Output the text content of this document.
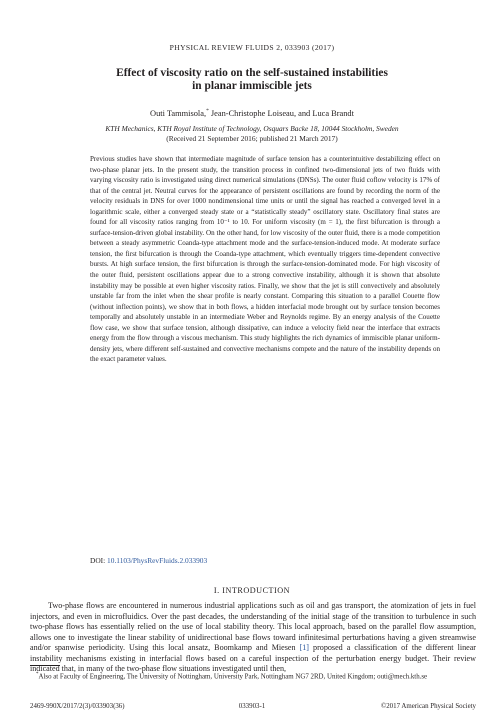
PHYSICAL REVIEW FLUIDS 2, 033903 (2017)
Effect of viscosity ratio on the self-sustained instabilities
in planar immiscible jets
Outi Tammisola,* Jean-Christophe Loiseau, and Luca Brandt
KTH Mechanics, KTH Royal Institute of Technology, Osquars Backe 18, 10044 Stockholm, Sweden
(Received 21 September 2016; published 21 March 2017)
Previous studies have shown that intermediate magnitude of surface tension has a counterintuitive destabilizing effect on two-phase planar jets. In the present study, the transition process in confined two-dimensional jets of two fluids with varying viscosity ratio is investigated using direct numerical simulations (DNSs). The outer fluid coflow velocity is 17% of that of the central jet. Neutral curves for the appearance of persistent oscillations are found by recording the norm of the velocity residuals in DNS for over 1000 nondimensional time units or until the signal has reached a converged level in a logarithmic scale, either a converged steady state or a “statistically steady” oscillatory state. Oscillatory final states are found for all viscosity ratios ranging from 10⁻¹ to 10. For uniform viscosity (m = 1), the first bifurcation is through a surface-tension-driven global instability. On the other hand, for low viscosity of the outer fluid, there is a mode competition between a steady asymmetric Coanda-type attachment mode and the surface-tension-induced mode. At moderate surface tension, the first bifurcation is through the Coanda-type attachment, which eventually triggers time-dependent convective bursts. At high surface tension, the first bifurcation is through the surface-tension-dominated mode. For high viscosity of the outer fluid, persistent oscillations appear due to a strong convective instability, although it is shown that absolute instability may be possible at even higher viscosity ratios. Finally, we show that the jet is still convectively and absolutely unstable far from the inlet when the shear profile is nearly constant. Comparing this situation to a parallel Couette flow (without inflection points), we show that in both flows, a hidden interfacial mode brought out by surface tension becomes temporally and absolutely unstable in an intermediate Weber and Reynolds regime. By an energy analysis of the Couette flow case, we show that surface tension, although dissipative, can induce a velocity field near the interface that extracts energy from the flow through a viscous mechanism. This study highlights the rich dynamics of immiscible planar uniform-density jets, where different self-sustained and convective mechanisms compete and the nature of the instability depends on the exact parameter values.
DOI: 10.1103/PhysRevFluids.2.033903
I. INTRODUCTION
Two-phase flows are encountered in numerous industrial applications such as oil and gas transport, the atomization of jets in fuel injectors, and even in microfluidics. Over the past decades, the understanding of the initial stage of the transition to turbulence in such two-phase flows has essentially relied on the use of local stability theory. This local approach, based on the parallel flow assumption, allows one to investigate the linear stability of unidirectional base flows toward infinitesimal perturbations having a given streamwise and/or spanwise periodicity. Using this local ansatz, Boomkamp and Miesen [1] proposed a classification of the different linear instability mechanisms existing in interfacial flows based on a careful inspection of the perturbation energy budget. Their review indicated that, in many of the two-phase flow situations investigated until then,
*Also at Faculty of Engineering, The University of Nottingham, University Park, Nottingham NG7 2RD, United Kingdom; outi@mech.kth.se
2469-990X/2017/2(3)/033903(36)	033903-1	©2017 American Physical Society
